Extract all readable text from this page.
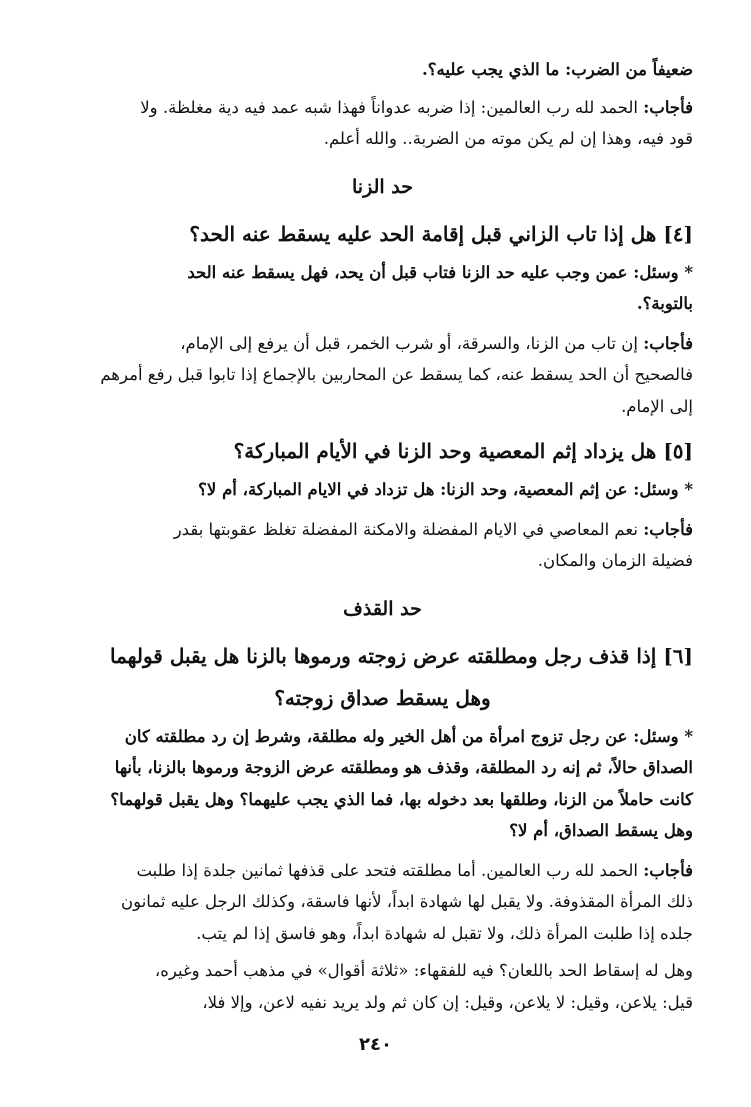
ضعيفاً من الضرب: ما الذي يجب عليه؟.

فأجاب: الحمد لله رب العالمين: إذا ضربه عدواناً فهذا شبه عمد فيه دية مغلظة. ولا

قود فيه، وهذا إن لم يكن موته من الضربة.. والله أعلم.

حد الزنا
[٤] هل إذا تاب الزاني قبل إقامة الحد عليه يسقط عنه الحد؟

* وسئل: عمن وجب عليه حد الزنا فتاب قبل أن يحد، فهل يسقط عنه الحد

بالتوبة؟.

فأجاب: إن تاب من الزنا، والسرقة، أو شرب الخمر، قبل أن يرفع إلى الإمام،

فالصحيح أن الحد يسقط عنه، كما يسقط عن المحاربين بالإجماع إذا تابوا قبل رفع أمرهم

إلى الإمام.

[٥] هل يزداد إثم المعصية وحد الزنا في الأيام المباركة؟

* وسئل: عن إثم المعصية، وحد الزنا: هل تزداد في الايام المباركة، أم لا؟

فأجاب: نعم المعاصي في الايام المفضلة والامكنة المفضلة تغلظ عقوبتها بقدر

فضيلة الزمان والمكان.

حد القذف
[٦] إذا قذف رجل ومطلقته عرض زوجته ورموها بالزنا هل يقبل قولهما
وهل يسقط صداق زوجته؟

* وسئل: عن رجل تزوج امرأة من أهل الخير وله مطلقة، وشرط إن رد مطلقته كان

الصداق حالاً، ثم إنه رد المطلقة، وقذف هو ومطلقته عرض الزوجة ورموها بالزنا، بأنها

كانت حاملاً من الزنا، وطلقها بعد دخوله بها، فما الذي يجب عليهما؟ وهل يقبل قولهما؟

وهل يسقط الصداق، أم لا؟

فأجاب: الحمد لله رب العالمين. أما مطلقته فتحد على قذفها ثمانين جلدة إذا طلبت

ذلك المرأة المقذوفة. ولا يقبل لها شهادة ابداً، لأنها فاسقة، وكذلك الرجل عليه ثمانون

جلده إذا طلبت المرأة ذلك، ولا تقبل له شهادة ابداً، وهو فاسق إذا لم يتب.

وهل له إسقاط الحد باللعان؟ فيه للفقهاء: «ثلاثة أقوال» في مذهب أحمد وغيره،

قيل: يلاعن، وقيل: لا يلاعن، وقيل: إن كان ثم ولد يريد نفيه لاعن، وإلا فلا،

٢٤٠
